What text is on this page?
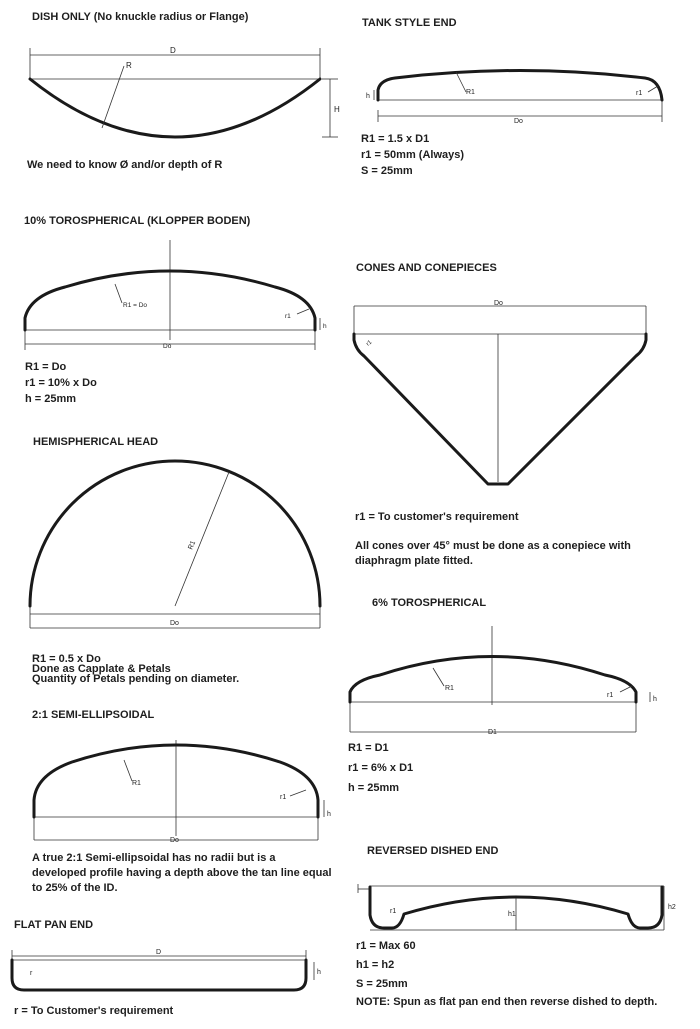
D
R
H
R1	r1
h
Do
R1 = Do
r1
h
Do
Do
r1
R1
Do
R1
r1
h
D1
R1
r1
h
Do
r1	h1
h2
D
r	h
DISH ONLY (No knuckle radius or Flange)
We need to know Ø and/or depth of R
TANK STYLE END
R1 = 1.5 x D1
r1 = 50mm (Always)
S = 25mm
10% TOROSPHERICAL (KLOPPER BODEN)
R1 = Do
r1 = 10% x Do
h = 25mm
CONES AND CONEPIECES
r1 = To customer's requirement
All cones over 45° must be done as a conepiece with diaphragm plate fitted.
HEMISPHERICAL HEAD
R1 = 0.5 x Do
Done as Capplate & Petals
Quantity of Petals pending on diameter.
6% TOROSPHERICAL
R1 = D1
r1 = 6% x D1
h = 25mm
2:1 SEMI-ELLIPSOIDAL
A true 2:1 Semi-ellipsoidal has no radii but is a developed profile having a depth above the tan line equal to 25% of the ID.
REVERSED DISHED END
r1 = Max 60
h1 = h2
S = 25mm
NOTE: Spun as flat pan end then reverse dished to depth.
FLAT PAN END
r = To Customer's requirement
